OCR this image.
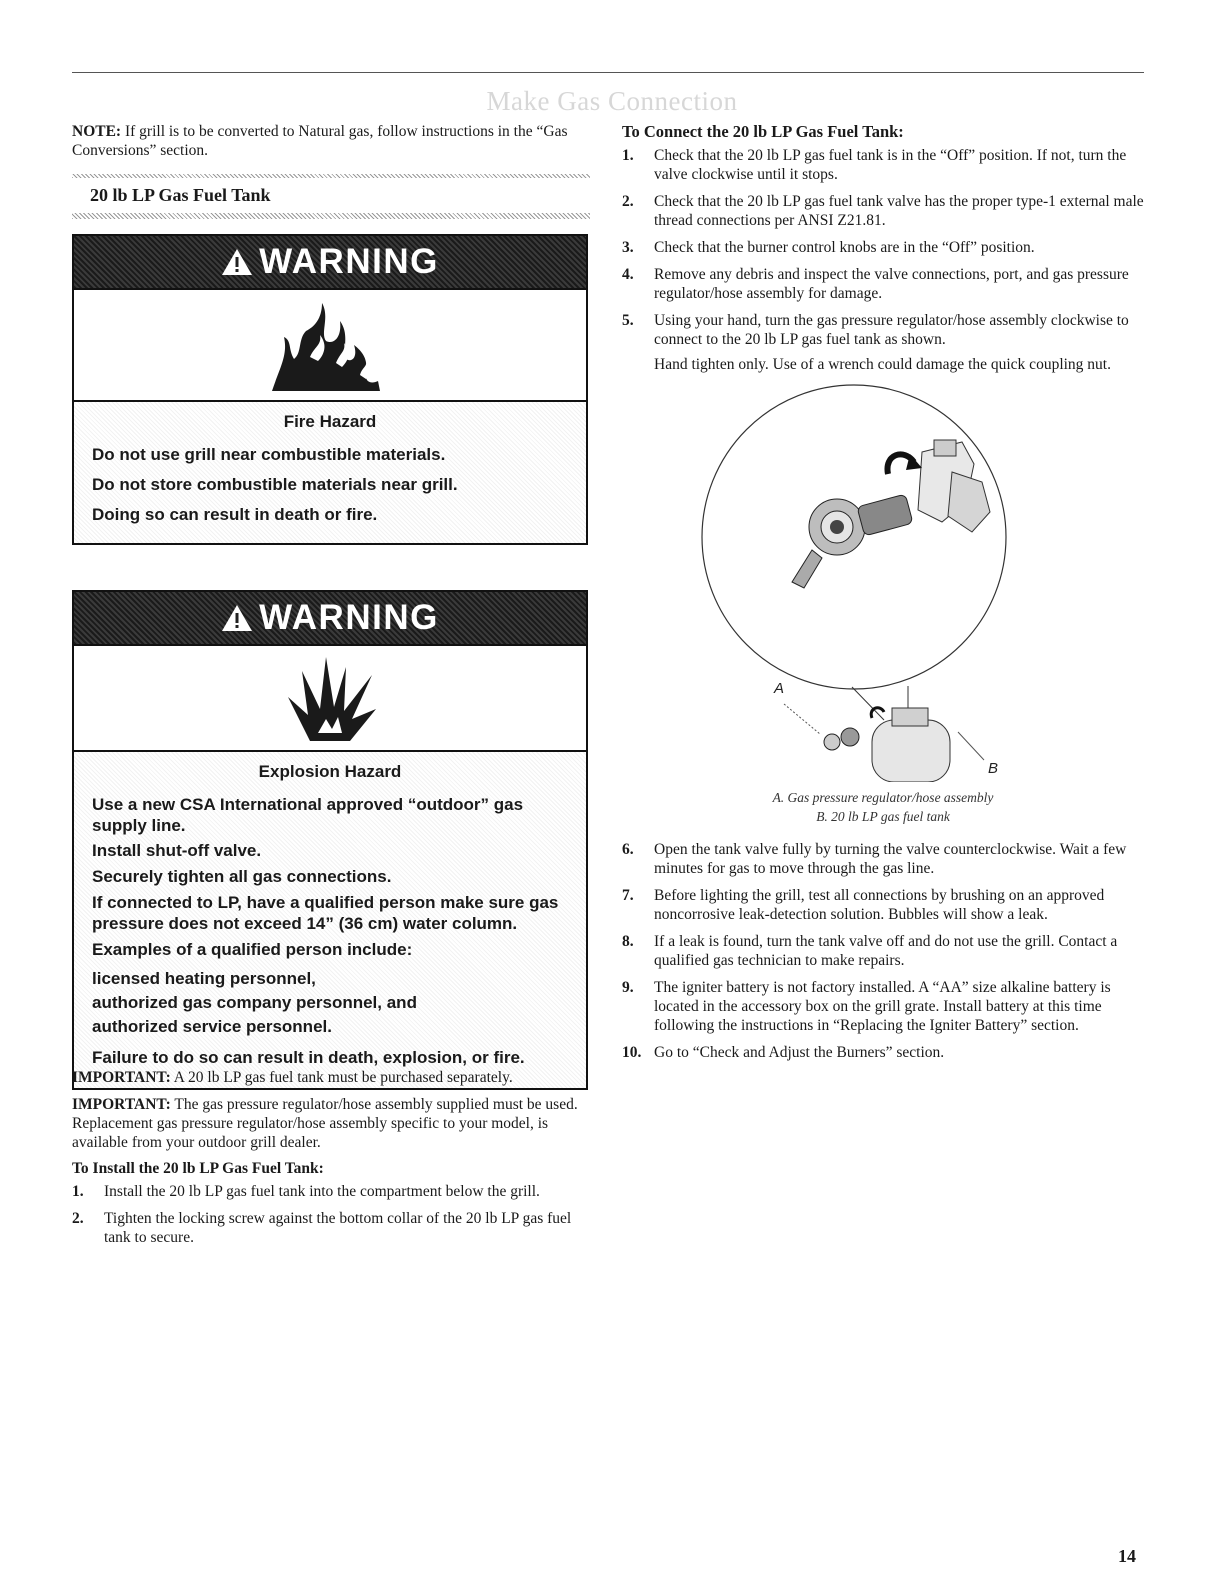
Make Gas Connection

NOTE: If grill is to be converted to Natural gas, follow instructions in the “Gas Conversions” section.

20 lb LP Gas Fuel Tank
WARNING
Fire Hazard
Do not use grill near combustible materials.
Do not store combustible materials near grill.
Doing so can result in death or fire.
WARNING
Explosion Hazard
Use a new CSA International approved “outdoor” gas supply line.
Install shut-off valve.
Securely tighten all gas connections.
If connected to LP, have a qualified person make sure gas pressure does not exceed 14” (36 cm) water column.
Examples of a qualified person include:
licensed heating personnel,
authorized gas company personnel, and
authorized service personnel.
Failure to do so can result in death, explosion, or fire.

IMPORTANT: A 20 lb LP gas fuel tank must be purchased separately.

IMPORTANT: The gas pressure regulator/hose assembly supplied must be used. Replacement gas pressure regulator/hose assembly specific to your model, is available from your outdoor grill dealer.

To Install the 20 lb LP Gas Fuel Tank:
1. Install the 20 lb LP gas fuel tank into the compartment below the grill.
2. Tighten the locking screw against the bottom collar of the 20 lb LP gas fuel tank to secure.
To Connect the 20 lb LP Gas Fuel Tank:
1. Check that the 20 lb LP gas fuel tank is in the “Off” position. If not, turn the valve clockwise until it stops.
2. Check that the 20 lb LP gas fuel tank valve has the proper type-1 external male thread connections per ANSI Z21.81.
3. Check that the burner control knobs are in the “Off” position.
4. Remove any debris and inspect the valve connections, port, and gas pressure regulator/hose assembly for damage.
5. Using your hand, turn the gas pressure regulator/hose assembly clockwise to connect to the 20 lb LP gas fuel tank as shown.
Hand tighten only. Use of a wrench could damage the quick coupling nut.
A
B
A. Gas pressure regulator/hose assembly
B. 20 lb LP gas fuel tank
6. Open the tank valve fully by turning the valve counterclockwise. Wait a few minutes for gas to move through the gas line.
7. Before lighting the grill, test all connections by brushing on an approved noncorrosive leak-detection solution. Bubbles will show a leak.
8. If a leak is found, turn the tank valve off and do not use the grill. Contact a qualified gas technician to make repairs.
9. The igniter battery is not factory installed. A “AA” size alkaline battery is located in the accessory box on the grill grate. Install battery at this time following the instructions in “Replacing the Igniter Battery” section.
10. Go to “Check and Adjust the Burners” section.
14
